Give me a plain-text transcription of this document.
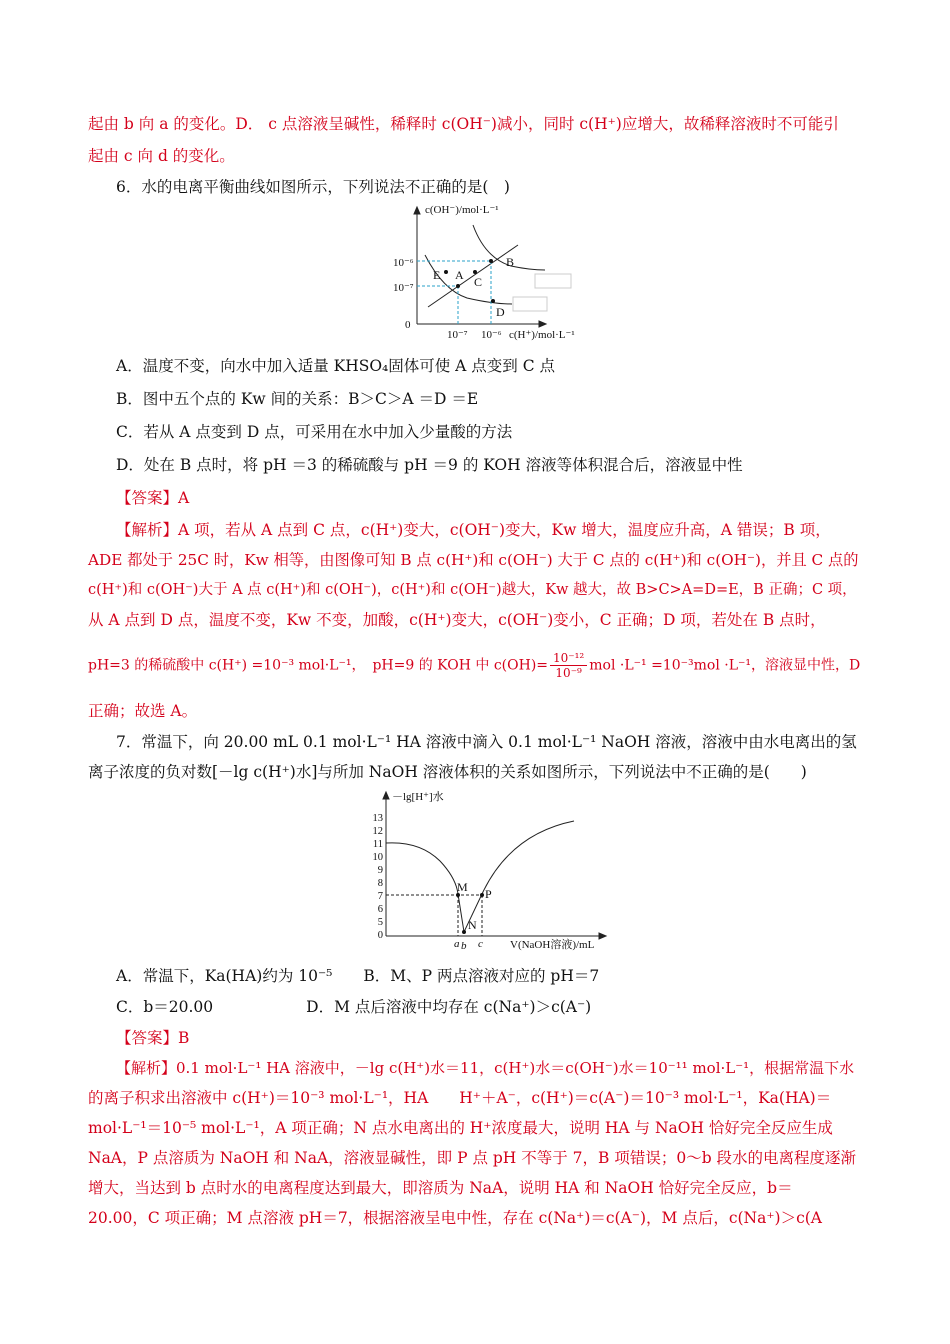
起由 b 向 a 的变化。D． c 点溶液呈碱性，稀释时 c(OH⁻)减小，同时 c(H⁺)应增大，故稀释溶液时不可能引
起由 c 向 d 的变化。
6．水的电离平衡曲线如图所示，下列说法不正确的是(　)
c(OH⁻)/mol·L⁻¹
10⁻⁶
10⁻⁷
0
10⁻⁷ 10⁻⁶ c(H⁺)/mol·L⁻¹
E A C
B
D
A．温度不变，向水中加入适量 KHSO₄固体可使 A 点变到 C 点
B．图中五个点的 Kw 间的关系：B＞C＞A ＝D ＝E
C．若从 A 点变到 D 点，可采用在水中加入少量酸的方法
D．处在 B 点时，将 pH ＝3 的稀硫酸与 pH ＝9 的 KOH 溶液等体积混合后，溶液显中性
【答案】A
【解析】A 项，若从 A 点到 C 点，c(H⁺)变大，c(OH⁻)变大，Kw 增大，温度应升高，A 错误；B 项，
ADE 都处于 25C 时，Kw 相等，由图像可知 B 点 c(H⁺)和 c(OH⁻) 大于 C 点的 c(H⁺)和 c(OH⁻)，并且 C 点的
c(H⁺)和 c(OH⁻)大于 A 点 c(H⁺)和 c(OH⁻)，c(H⁺)和 c(OH⁻)越大，Kw 越大，故 B>C>A=D=E，B 正确；C 项，
从 A 点到 D 点，温度不变，Kw 不变，加酸，c(H⁺)变大，c(OH⁻)变小，C 正确；D 项，若处在 B 点时，
pH=3 的稀硫酸中 c(H⁺) =10⁻³ mol·L⁻¹，　pH=9 的 KOH 中 $c(OH)= \frac{\text{10⁻¹²}}{\text{10⁻⁹}}$ mol ·L⁻¹ =10⁻³mol ·L⁻¹，溶液显中性，D
正确；故选 A。
7．常温下，向 20.00 mL 0.1 mol·L⁻¹ HA 溶液中滴入 0.1 mol·L⁻¹ NaOH 溶液，溶液中由水电离出的氢
离子浓度的负对数[－lg c(H⁺)水]与所加 NaOH 溶液体积的关系如图所示，下列说法中不正确的是(　　)
13
12
11
10
9
8
7
6
5
0
－lg[H⁺]水
a b c V(NaOH溶液)/mL
M
N
P
A．常温下，Ka(HA)约为 10⁻⁵　　B．M、P 两点溶液对应的 pH＝7
C．b＝20.00　　　　　　D．M 点后溶液中均存在 c(Na⁺)＞c(A⁻)
【答案】B
【解析】0.1 mol·L⁻¹ HA 溶液中，－lg c(H⁺)水＝11，c(H⁺)水＝c(OH⁻)水＝10⁻¹¹ mol·L⁻¹，根据常温下水
的离子积求出溶液中 c(H⁺)＝10⁻³ mol·L⁻¹，HA　　H⁺＋A⁻，c(H⁺)＝c(A⁻)＝10⁻³ mol·L⁻¹，Ka(HA)＝
mol·L⁻¹＝10⁻⁵ mol·L⁻¹，A 项正确；N 点水电离出的 H⁺浓度最大，说明 HA 与 NaOH 恰好完全反应生成
NaA，P 点溶质为 NaOH 和 NaA，溶液显碱性，即 P 点 pH 不等于 7，B 项错误；0～b 段水的电离程度逐渐
增大，当达到 b 点时水的电离程度达到最大，即溶质为 NaA，说明 HA 和 NaOH 恰好完全反应，b＝
20.00，C 项正确；M 点溶液 pH＝7，根据溶液呈电中性，存在 c(Na⁺)＝c(A⁻)，M 点后，c(Na⁺)＞c(A
